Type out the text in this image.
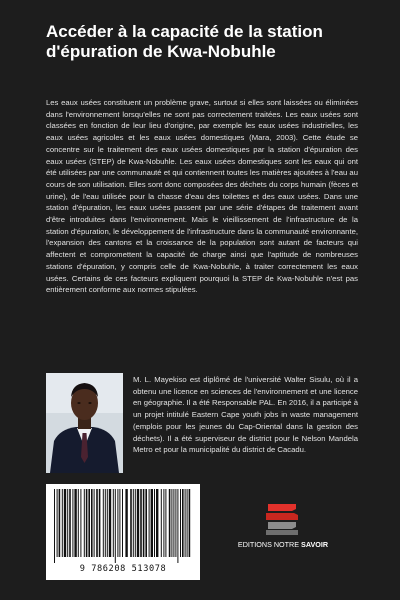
Accéder à la capacité de la station d'épuration de Kwa-Nobuhle

Les eaux usées constituent un problème grave, surtout si elles sont laissées ou éliminées dans l'environnement lorsqu'elles ne sont pas correctement traitées. Les eaux usées sont classées en fonction de leur lieu d'origine, par exemple les eaux usées industrielles, les eaux usées agricoles et les eaux usées domestiques (Mara, 2003). Cette étude se concentre sur le traitement des eaux usées domestiques par la station d'épuration des eaux usées (STEP) de Kwa-Nobuhle. Les eaux usées domestiques sont les eaux qui ont été utilisées par une communauté et qui contiennent toutes les matières ajoutées à l'eau au cours de son utilisation. Elles sont donc composées des déchets du corps humain (fèces et urine), de l'eau utilisée pour la chasse d'eau des toilettes et des eaux usées. Dans une station d'épuration, les eaux usées passent par une série d'étapes de traitement avant d'être introduites dans l'environnement. Mais le vieillissement de l'infrastructure de la station d'épuration, le développement de l'infrastructure dans la communauté environnante, l'expansion des cantons et la croissance de la population sont autant de facteurs qui affectent et compromettent la capacité de charge ainsi que l'aptitude de nombreuses stations d'épuration, y compris celle de Kwa-Nobuhle, à traiter correctement les eaux usées. Certains de ces facteurs expliquent pourquoi la STEP de Kwa-Nobuhle n'est pas entièrement conforme aux normes stipulées.

M. L. Mayekiso est diplômé de l'université Walter Sisulu, où il a obtenu une licence en sciences de l'environnement et une licence en géographie. Il a été Responsable PAL. En 2016, il a participé à un projet intitulé Eastern Cape youth jobs in waste management (emplois pour les jeunes du Cap-Oriental dans la gestion des déchets). Il a été superviseur de district pour le Nelson Mandela Metro et pour la municipalité du district de Cacadu.

9 786208 513078
EDITIONS NOTRE SAVOIR
